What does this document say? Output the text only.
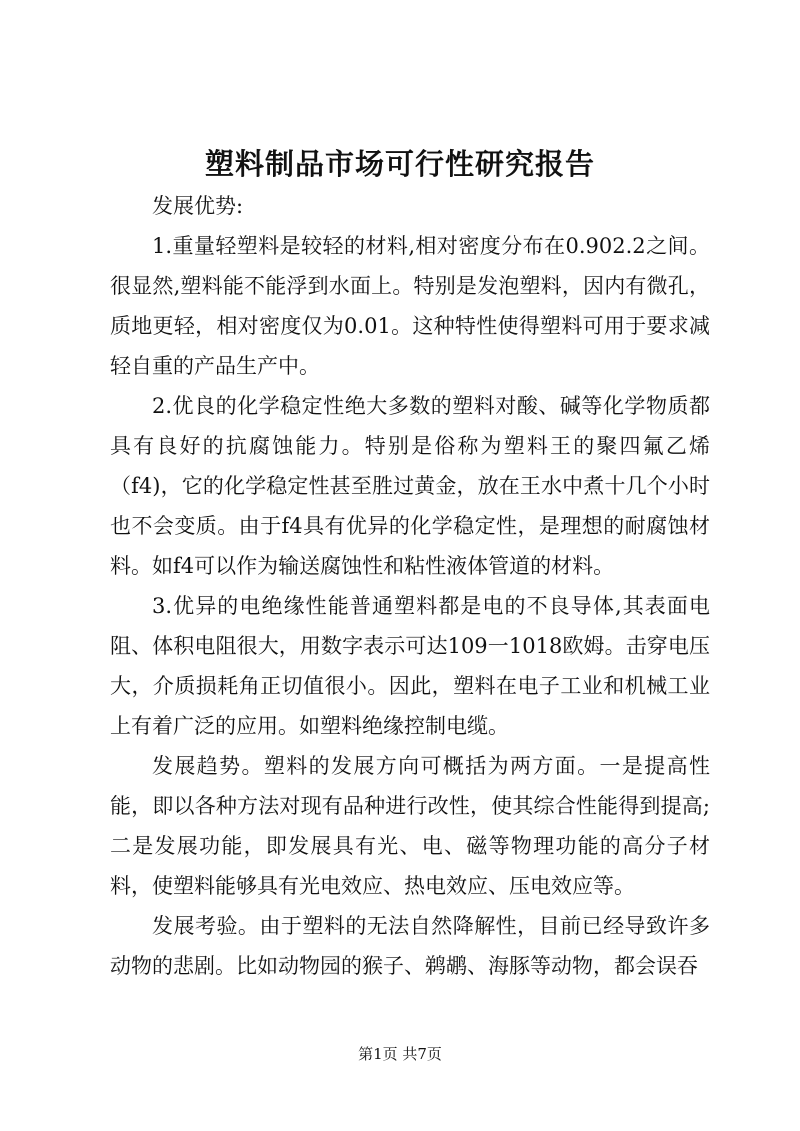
塑料制品市场可行性研究报告

发展优势:

1.重量轻塑料是较轻的材料,相对密度分布在0.902.2之间。很显然,塑料能不能浮到水面上。特别是发泡塑料，因内有微孔，质地更轻，相对密度仅为0.01。这种特性使得塑料可用于要求减轻自重的产品生产中。

2.优良的化学稳定性绝大多数的塑料对酸、碱等化学物质都具有良好的抗腐蚀能力。特别是俗称为塑料王的聚四氟乙烯（f4)，它的化学稳定性甚至胜过黄金，放在王水中煮十几个小时也不会变质。由于f4具有优异的化学稳定性，是理想的耐腐蚀材料。如f4可以作为输送腐蚀性和粘性液体管道的材料。

3.优异的电绝缘性能普通塑料都是电的不良导体,其表面电阻、体积电阻很大，用数字表示可达109一1018欧姆。击穿电压大，介质损耗角正切值很小。因此，塑料在电子工业和机械工业上有着广泛的应用。如塑料绝缘控制电缆。

发展趋势。塑料的发展方向可概括为两方面。一是提高性能，即以各种方法对现有品种进行改性，使其综合性能得到提高;二是发展功能，即发展具有光、电、磁等物理功能的高分子材料，使塑料能够具有光电效应、热电效应、压电效应等。

发展考验。由于塑料的无法自然降解性，目前已经导致许多动物的悲剧。比如动物园的猴子、鹈鹕、海豚等动物，都会误吞

第1页 共7页
